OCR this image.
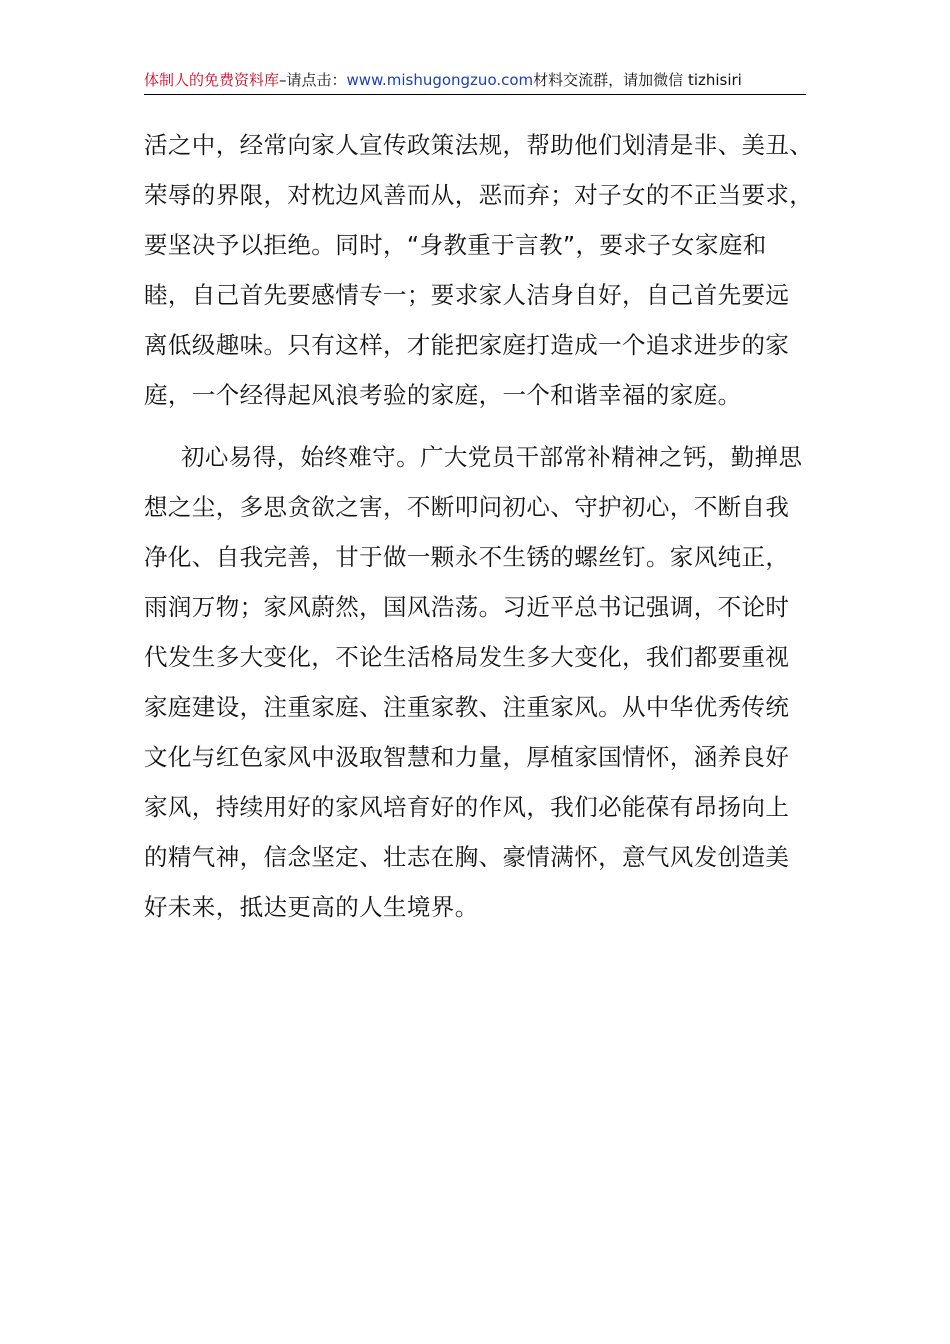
体制人的免费资料库–请点击：www.mishugongzuo.com材料交流群，请加微信 tizhisiri
活之中，经常向家人宣传政策法规，帮助他们划清是非、美丑、
荣辱的界限，对枕边风善而从，恶而弃；对子女的不正当要求，
要坚决予以拒绝。同时，“身教重于言教”，要求子女家庭和
睦，自己首先要感情专一；要求家人洁身自好，自己首先要远
离低级趣味。只有这样，才能把家庭打造成一个追求进步的家
庭，一个经得起风浪考验的家庭，一个和谐幸福的家庭。
初心易得，始终难守。广大党员干部常补精神之钙，勤掸思
想之尘，多思贪欲之害，不断叩问初心、守护初心，不断自我
净化、自我完善，甘于做一颗永不生锈的螺丝钉。家风纯正，
雨润万物；家风蔚然，国风浩荡。习近平总书记强调，不论时
代发生多大变化，不论生活格局发生多大变化，我们都要重视
家庭建设，注重家庭、注重家教、注重家风。从中华优秀传统
文化与红色家风中汲取智慧和力量，厚植家国情怀，涵养良好
家风，持续用好的家风培育好的作风，我们必能葆有昂扬向上
的精气神，信念坚定、壮志在胸、豪情满怀，意气风发创造美
好未来，抵达更高的人生境界。
